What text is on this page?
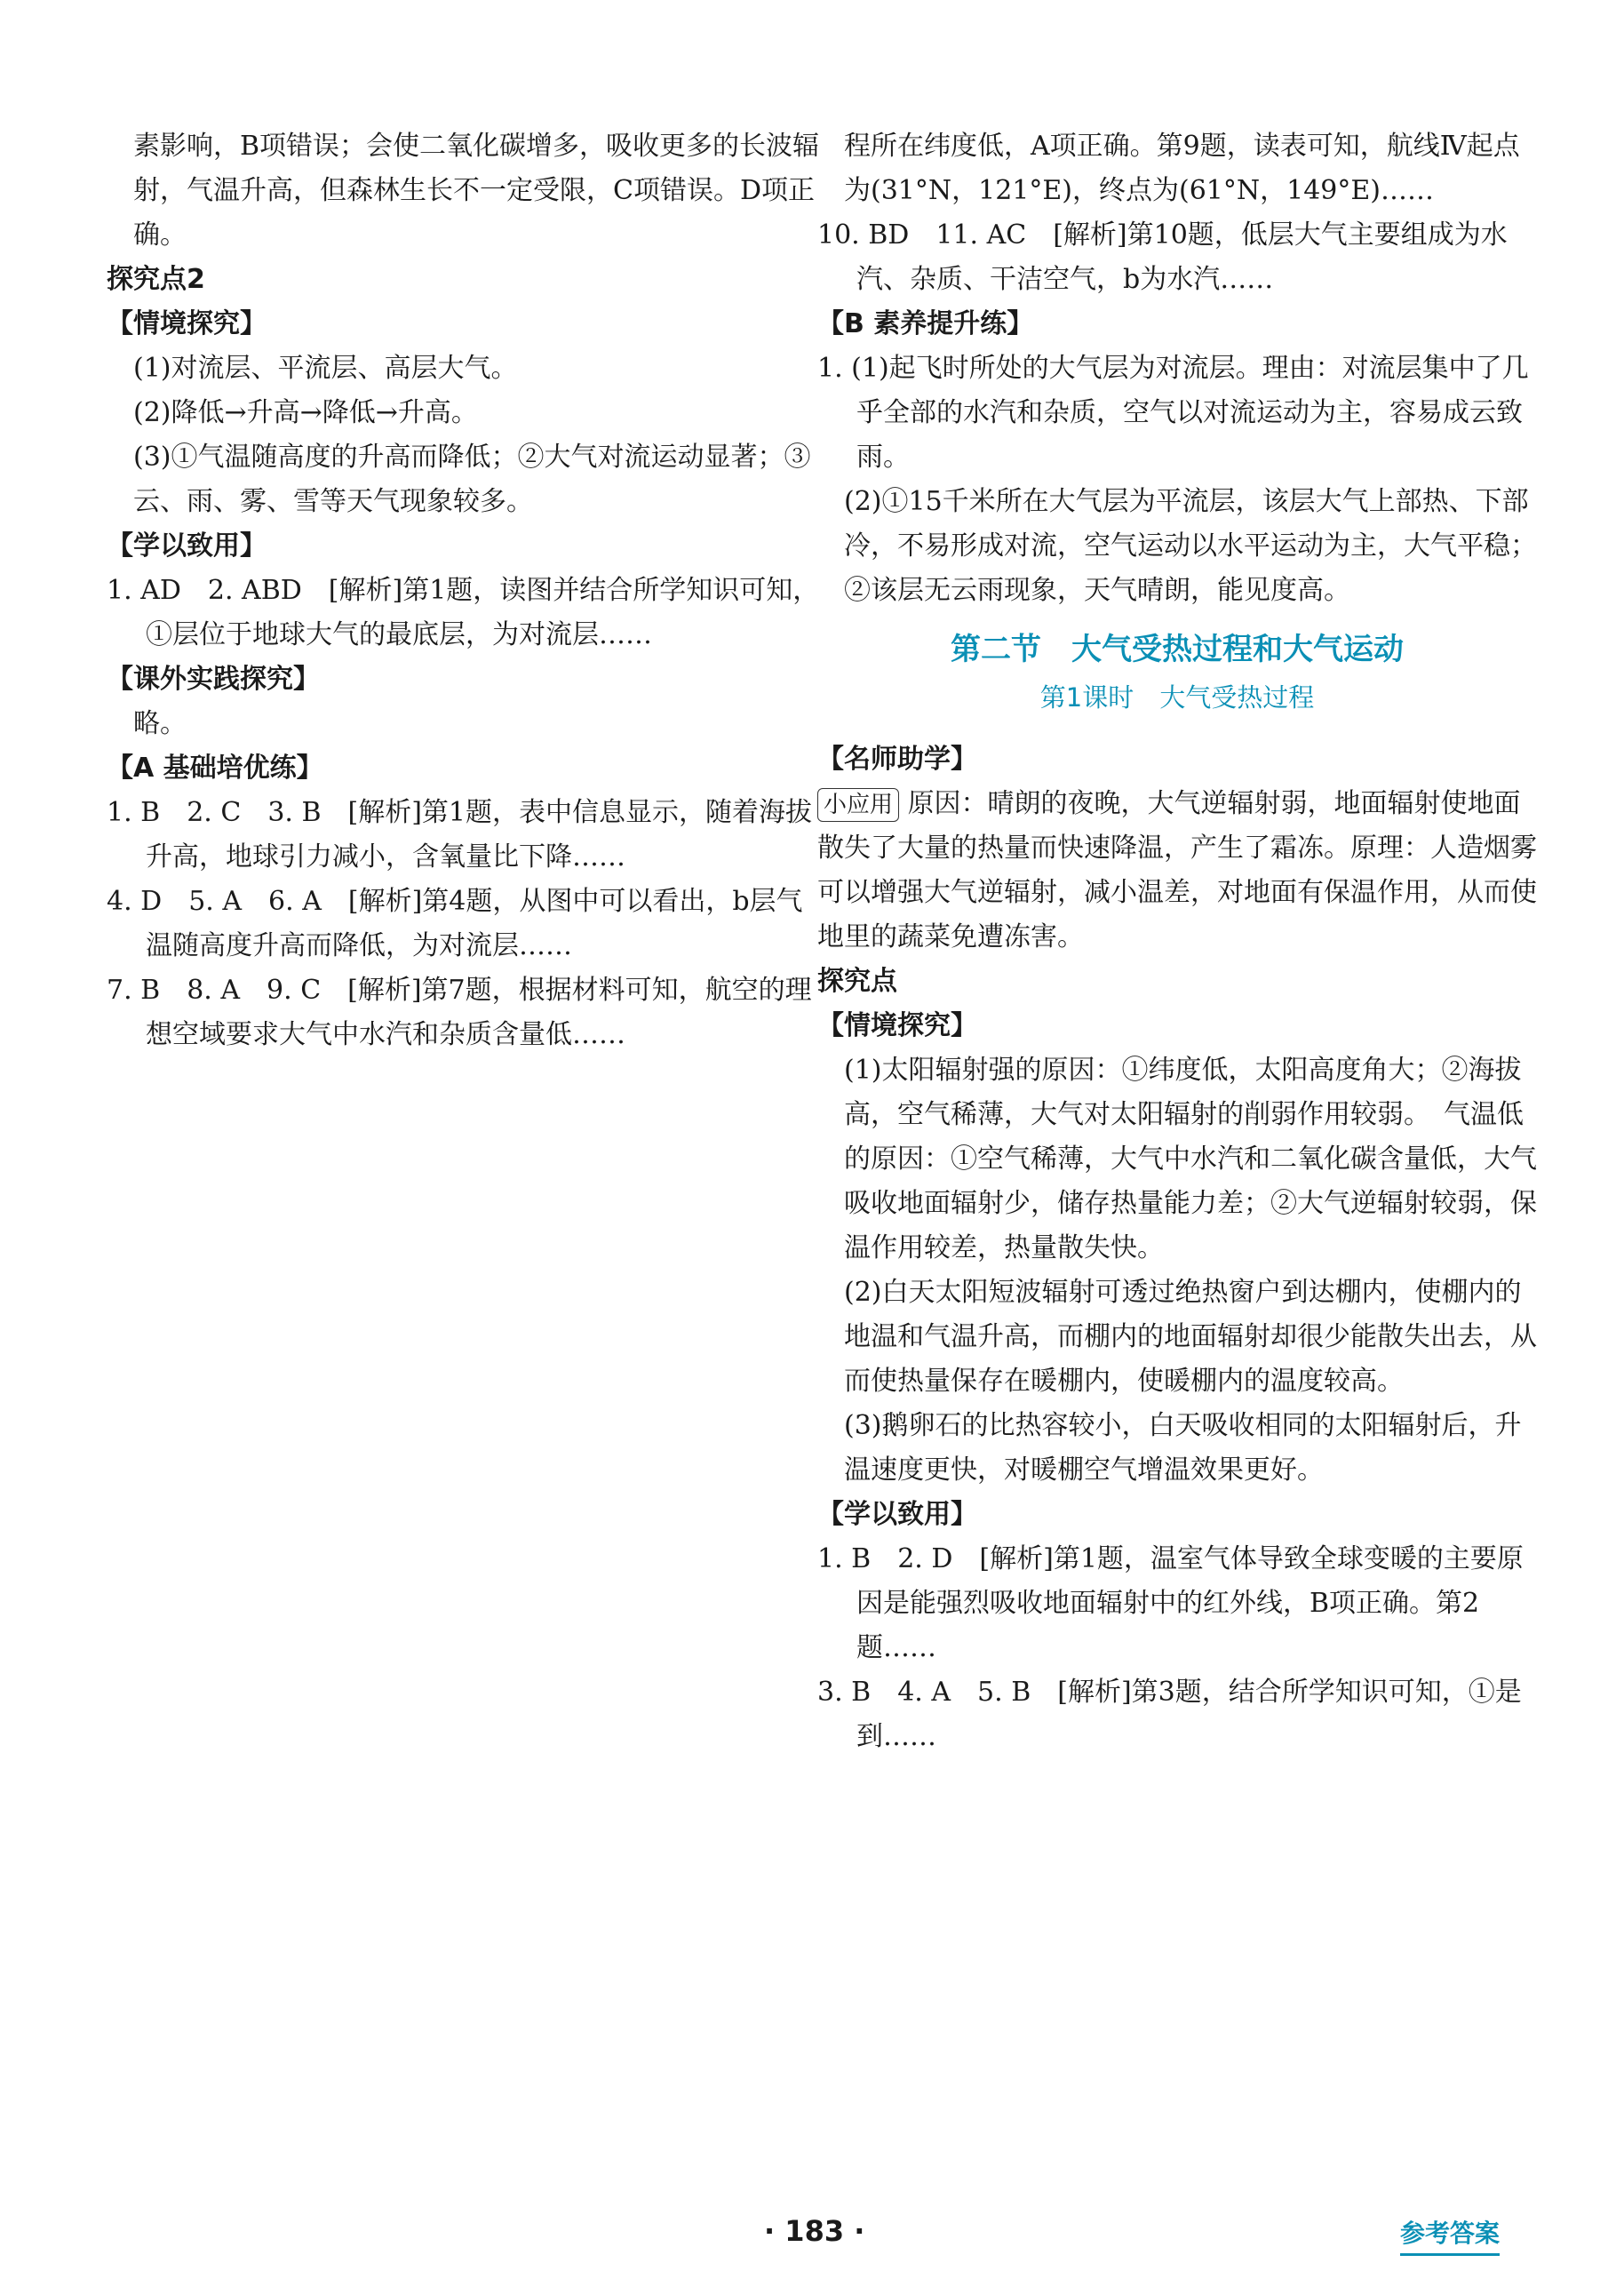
素影响，B项错误；会使二氧化碳增多，吸收更多的长波辐射，气温升高，但森林生长不一定受限，C项错误。D项正确。
探究点2
【情境探究】
(1)对流层、平流层、高层大气。
(2)降低→升高→降低→升高。
(3)①气温随高度的升高而降低；②大气对流运动显著；③云、雨、雾、雪等天气现象较多。
【学以致用】
1. AD　2. ABD　[解析]第1题，读图并结合所学知识可知，①层位于地球大气的最底层，为对流层……
【课外实践探究】
略。
【A 基础培优练】
1. B　2. C　3. B　[解析]第1题，表中信息显示，随着海拔升高，地球引力减小，含氧量比下降……
4. D　5. A　6. A　[解析]第4题，从图中可以看出，b层气温随高度升高而降低，为对流层……
7. B　8. A　9. C　[解析]第7题，根据材料可知，航空的理想空域要求大气中水汽和杂质含量低……
程所在纬度低，A项正确。第9题，读表可知，航线Ⅳ起点为(31°N，121°E)，终点为(61°N，149°E)……
10. BD　11. AC　[解析]第10题，低层大气主要组成为水汽、杂质、干洁空气，b为水汽……
【B 素养提升练】
1. (1)起飞时所处的大气层为对流层。理由：对流层集中了几乎全部的水汽和杂质，空气以对流运动为主，容易成云致雨。
(2)①15千米所在大气层为平流层，该层大气上部热、下部冷，不易形成对流，空气运动以水平运动为主，大气平稳；②该层无云雨现象，天气晴朗，能见度高。
第二节　大气受热过程和大气运动
第1课时　大气受热过程
【名师助学】
小应用 原因：晴朗的夜晚，大气逆辐射弱，地面辐射使地面散失了大量的热量而快速降温，产生了霜冻。原理：人造烟雾可以增强大气逆辐射，减小温差，对地面有保温作用，从而使地里的蔬菜免遭冻害。
探究点
【情境探究】
(1)太阳辐射强的原因：①纬度低，太阳高度角大；②海拔高，空气稀薄，大气对太阳辐射的削弱作用较弱。　气温低的原因：①空气稀薄，大气中水汽和二氧化碳含量低，大气吸收地面辐射少，储存热量能力差；②大气逆辐射较弱，保温作用较差，热量散失快。
(2)白天太阳短波辐射可透过绝热窗户到达棚内，使棚内的地温和气温升高，而棚内的地面辐射却很少能散失出去，从而使热量保存在暖棚内，使暖棚内的温度较高。
(3)鹅卵石的比热容较小，白天吸收相同的太阳辐射后，升温速度更快，对暖棚空气增温效果更好。
【学以致用】
1. B　2. D　[解析]第1题，温室气体导致全球变暖的主要原因是能强烈吸收地面辐射中的红外线，B项正确。第2题……
3. B　4. A　5. B　[解析]第3题，结合所学知识可知，①是到……
· 183 ·	参考答案
